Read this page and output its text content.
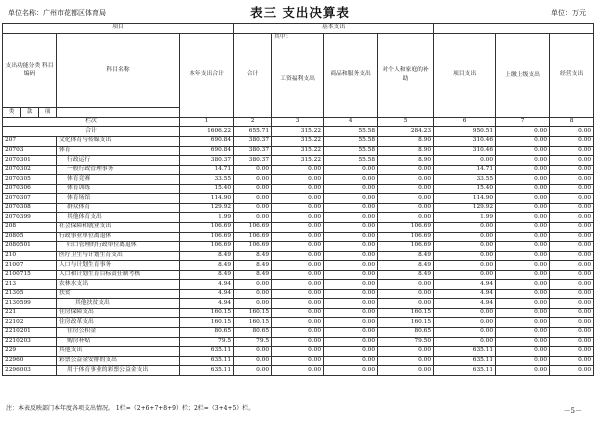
单位名称：广州市花都区体育局	表三 支出决算表	单位：万元
项目					基本支出							
支出功能分类 科目编码			科目名称	本年支出合计	合计	其中：	商品和服务支出	对个人和家庭的补助	项目支出	上缴上级支出	经营支出	
						工资福利支出						
类	款	项										
栏次				1	2	3	4	5	6	7	8	
合计				1606.22	655.71	315.22	55.58	284.23	950.51	0.00	0.00	
207			文化体育与传媒支出	690.84	380.37	315.22	55.58	8.90	310.46	0.00	0.00	
20703			体育	690.84	380.37	315.22	55.58	8.90	310.46	0.00	0.00	
2070301			行政运行	380.37	380.37	315.22	55.58	8.90	0.00	0.00	0.00	
2070302			一般行政管理事务	14.71	0.00	0.00	0.00	0.00	14.71	0.00	0.00	
2070305			体育竞赛	33.55	0.00	0.00	0.00	0.00	33.55	0.00	0.00	
2070306			体育训练	15.40	0.00	0.00	0.00	0.00	15.40	0.00	0.00	
2070307			体育场馆	114.90	0.00	0.00	0.00	0.00	114.90	0.00	0.00	
2070308			群众体育	129.92	0.00	0.00	0.00	0.00	129.92	0.00	0.00	
2070399			其他体育支出	1.99	0.00	0.00	0.00	0.00	1.99	0.00	0.00	
208			社会保障和就业支出	106.69	106.69	0.00	0.00	106.69	0.00	0.00	0.00	
20805			行政事业单位离退休	106.69	106.69	0.00	0.00	106.69	0.00	0.00	0.00	
2080501			归口管理的行政单位离退休	106.69	106.69	0.00	0.00	106.69	0.00	0.00	0.00	
210			医疗卫生与计划生育支出	8.49	8.49	0.00	0.00	8.49	0.00	0.00	0.00	
21007			人口与计划生育事务	8.49	8.49	0.00	0.00	8.49	0.00	0.00	0.00	
2100715			人口和计划生育目标责任制考核	8.49	8.49	0.00	0.00	8.49	0.00	0.00	0.00	
213			农林水支出	4.94	0.00	0.00	0.00	0.00	4.94	0.00	0.00	
21305			扶贫	4.94	0.00	0.00	0.00	0.00	4.94	0.00	0.00	
2130599			其他扶贫支出	4.94	0.00	0.00	0.00	0.00	4.94	0.00	0.00	
221			住房保障支出	160.15	160.15	0.00	0.00	160.15	0.00	0.00	0.00	
22102			住房改革支出	160.15	160.15	0.00	0.00	160.15	0.00	0.00	0.00	
2210201			住房公积金	80.65	80.65	0.00	0.00	80.65	0.00	0.00	0.00	
2210203			购房补贴	79.5	79.5	0.00	0.00	79.50	0.00	0.00	0.00	
229			其他支出	635.11	0.00	0.00	0.00	0.00	635.11	0.00	0.00	
22960			彩票公益金安排的支出	635.11	0.00	0.00	0.00	0.00	635.11	0.00	0.00	
2296003			用于体育事业的彩票公益金支出	635.11	0.00	0.00	0.00	0.00	635.11	0.00	0.00	
注：本表反映部门本年度各项支出情况。 1栏=（2+6+7+8+9）栏；2栏=（3+4+5）栏。	－5－
